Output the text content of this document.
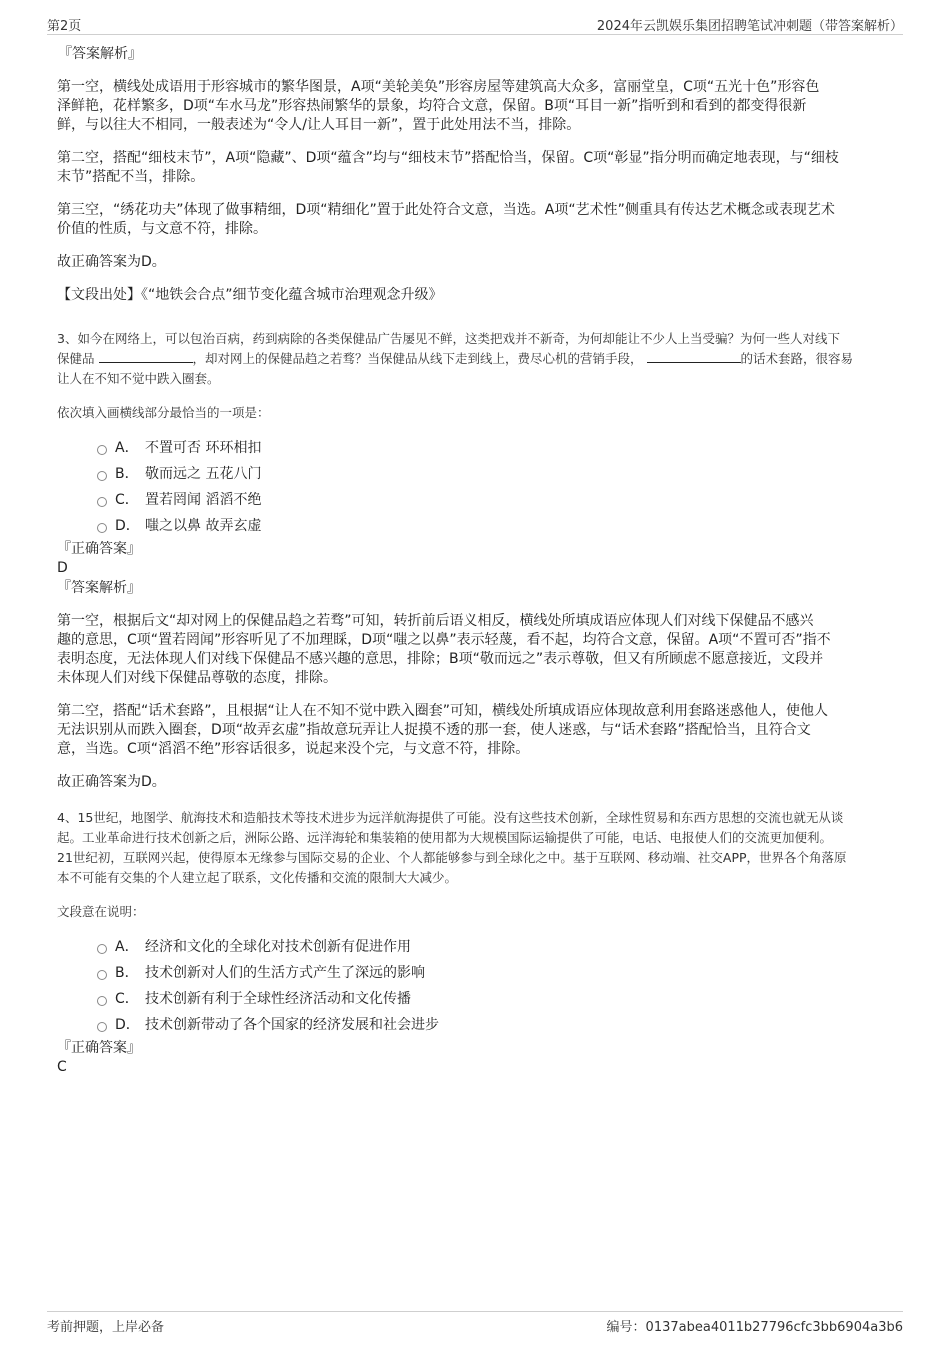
第2页	2024年云凯娱乐集团招聘笔试冲刺题（带答案解析）
『答案解析』
第一空，横线处成语用于形容城市的繁华图景，A项“美轮美奂”形容房屋等建筑高大众多，富丽堂皇，C项“五光十色”形容色
泽鲜艳，花样繁多，D项“车水马龙”形容热闹繁华的景象，均符合文意，保留。B项“耳目一新”指听到和看到的都变得很新
鲜，与以往大不相同，一般表述为“令人/让人耳目一新”，置于此处用法不当，排除。
第二空，搭配“细枝末节”，A项“隐藏”、D项“蕴含”均与“细枝末节”搭配恰当，保留。C项“彰显”指分明而确定地表现，与“细枝
末节”搭配不当，排除。
第三空，“绣花功夫”体现了做事精细，D项“精细化”置于此处符合文意，当选。A项“艺术性”侧重具有传达艺术概念或表现艺术
价值的性质，与文意不符，排除。
故正确答案为D。
【文段出处】《“地铁会合点”细节变化蕴含城市治理观念升级》
3、如今在网络上，可以包治百病，药到病除的各类保健品广告屡见不鲜，这类把戏并不新奇，为何却能让不少人上当受骗？为何一些人对线下
保健品	，却对网上的保健品趋之若骛？当保健品从线下走到线上，费尽心机的营销手段，	的话术套路，很容易
让人在不知不觉中跌入圈套。
依次填入画横线部分最恰当的一项是：
A． 不置可否 环环相扣
B． 敬而远之 五花八门
C． 置若罔闻 滔滔不绝
D． 嗤之以鼻 故弄玄虚
『正确答案』
D
『答案解析』
第一空，根据后文“却对网上的保健品趋之若骛”可知，转折前后语义相反，横线处所填成语应体现人们对线下保健品不感兴
趣的意思，C项“置若罔闻”形容听见了不加理睬，D项“嗤之以鼻”表示轻蔑，看不起，均符合文意，保留。A项“不置可否”指不
表明态度，无法体现人们对线下保健品不感兴趣的意思，排除；B项“敬而远之”表示尊敬，但又有所顾虑不愿意接近，文段并
未体现人们对线下保健品尊敬的态度，排除。
第二空，搭配“话术套路”，且根据“让人在不知不觉中跌入圈套”可知，横线处所填成语应体现故意利用套路迷惑他人，使他人
无法识别从而跌入圈套，D项“故弄玄虚”指故意玩弄让人捉摸不透的那一套，使人迷惑，与“话术套路”搭配恰当，且符合文
意，当选。C项“滔滔不绝”形容话很多，说起来没个完，与文意不符，排除。
故正确答案为D。
4、15世纪，地图学、航海技术和造船技术等技术进步为远洋航海提供了可能。没有这些技术创新，全球性贸易和东西方思想的交流也就无从谈
起。工业革命进行技术创新之后，洲际公路、远洋海轮和集装箱的使用都为大规模国际运输提供了可能，电话、电报使人们的交流更加便利。
21世纪初，互联网兴起，使得原本无缘参与国际交易的企业、个人都能够参与到全球化之中。基于互联网、移动端、社交APP，世界各个角落原
本不可能有交集的个人建立起了联系，文化传播和交流的限制大大减少。
文段意在说明：
A． 经济和文化的全球化对技术创新有促进作用
B． 技术创新对人们的生活方式产生了深远的影响
C． 技术创新有利于全球性经济活动和文化传播
D． 技术创新带动了各个国家的经济发展和社会进步
『正确答案』
C
考前押题，上岸必备	编号：0137abea4011b27796cfc3bb6904a3b6
